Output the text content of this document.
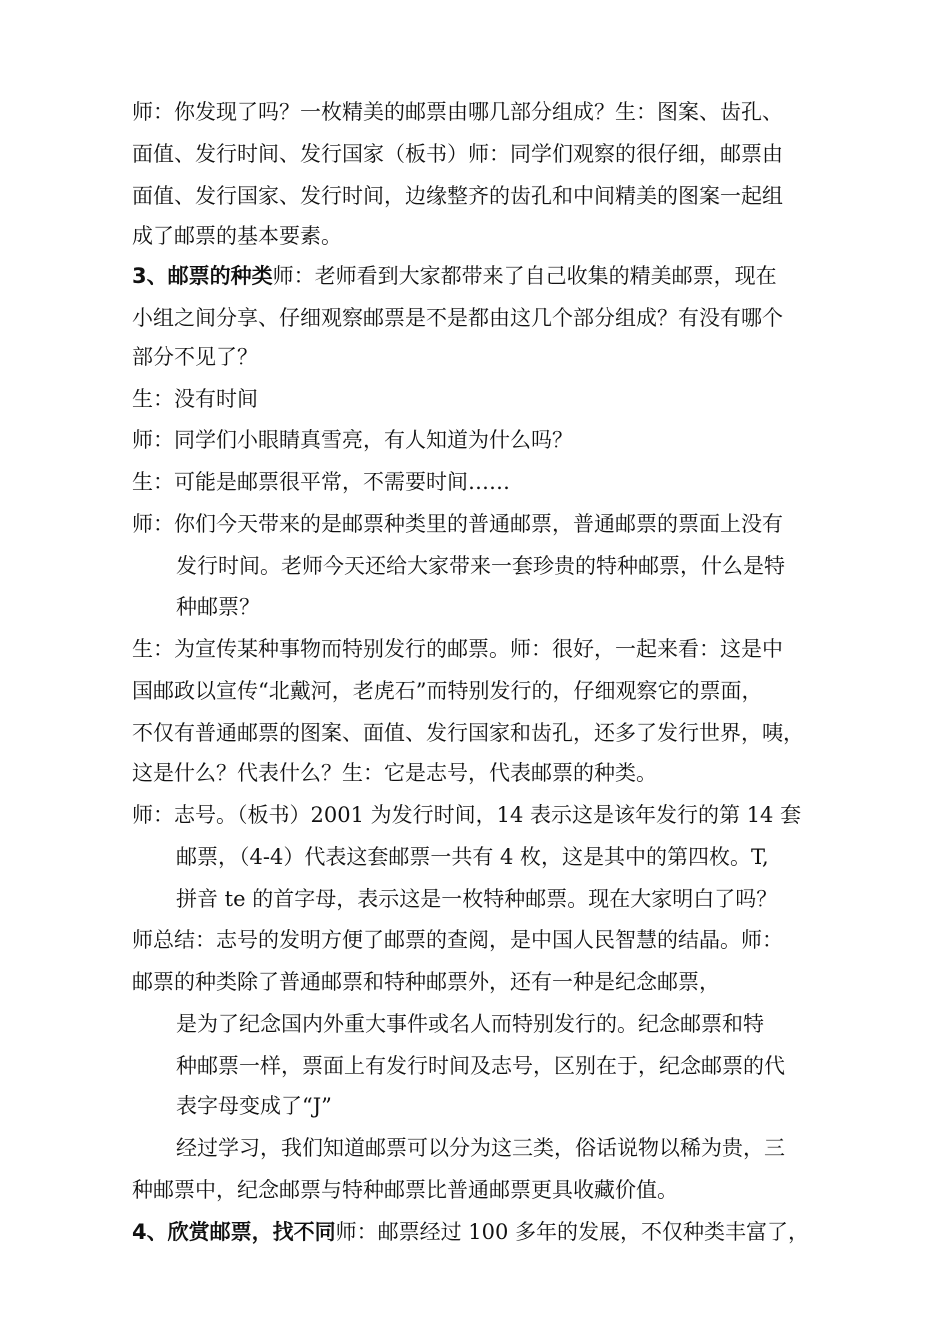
师：你发现了吗？一枚精美的邮票由哪几部分组成？生：图案、齿孔、
面值、发行时间、发行国家（板书）师：同学们观察的很仔细，邮票由
面值、发行国家、发行时间，边缘整齐的齿孔和中间精美的图案一起组
成了邮票的基本要素。
3、邮票的种类师：老师看到大家都带来了自己收集的精美邮票，现在
小组之间分享、仔细观察邮票是不是都由这几个部分组成？有没有哪个
部分不见了？
生：没有时间
师：同学们小眼睛真雪亮，有人知道为什么吗？
生：可能是邮票很平常，不需要时间……
师：你们今天带来的是邮票种类里的普通邮票，普通邮票的票面上没有
发行时间。老师今天还给大家带来一套珍贵的特种邮票，什么是特
种邮票？
生：为宣传某种事物而特别发行的邮票。师：很好，一起来看：这是中
国邮政以宣传“北戴河，老虎石”而特别发行的，仔细观察它的票面，
不仅有普通邮票的图案、面值、发行国家和齿孔，还多了发行世界，咦，
这是什么？代表什么？生：它是志号，代表邮票的种类。
师：志号。（板书）2001 为发行时间，14 表示这是该年发行的第 14 套
邮票，（4-4）代表这套邮票一共有 4 枚，这是其中的第四枚。T,
拼音 te 的首字母，表示这是一枚特种邮票。现在大家明白了吗？
师总结：志号的发明方便了邮票的查阅，是中国人民智慧的结晶。师：
邮票的种类除了普通邮票和特种邮票外，还有一种是纪念邮票，
是为了纪念国内外重大事件或名人而特别发行的。纪念邮票和特
种邮票一样，票面上有发行时间及志号，区别在于，纪念邮票的代
表字母变成了“J”
经过学习，我们知道邮票可以分为这三类，俗话说物以稀为贵，三
种邮票中，纪念邮票与特种邮票比普通邮票更具收藏价值。
4、欣赏邮票，找不同师：邮票经过 100 多年的发展，不仅种类丰富了，
